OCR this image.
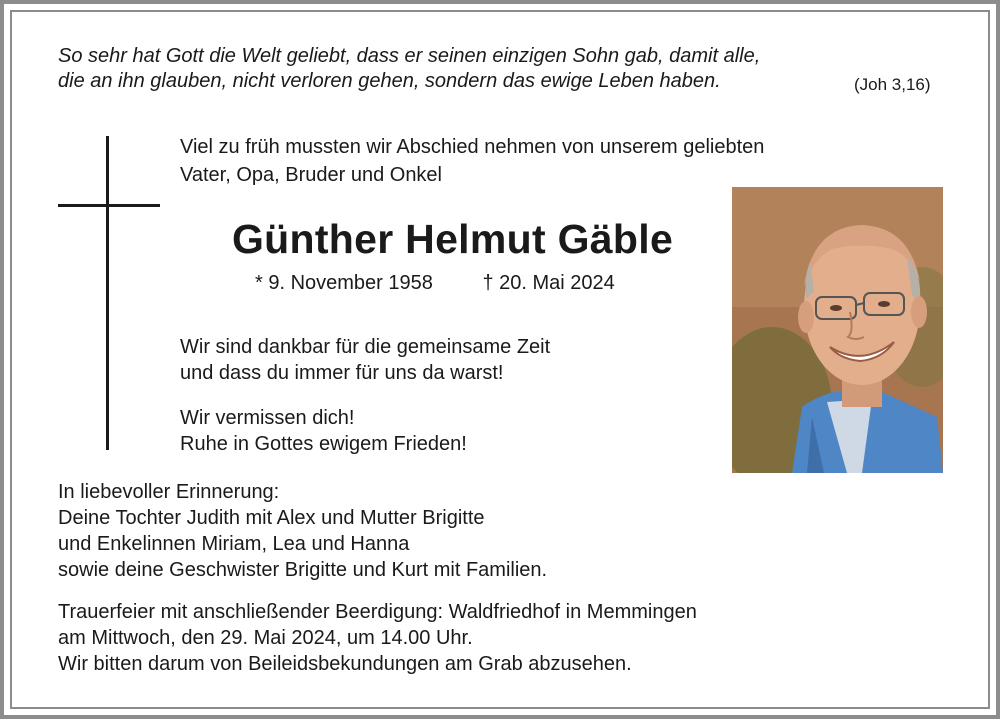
So sehr hat Gott die Welt geliebt, dass er seinen einzigen Sohn gab, damit alle,
die an ihn glauben, nicht verloren gehen, sondern das ewige Leben haben.	(Joh 3,16)
Viel zu früh mussten wir Abschied nehmen von unserem geliebten
Vater, Opa, Bruder und Onkel
Günther Helmut Gäble
* 9. November 1958 † 20. Mai 2024
Wir sind dankbar für die gemeinsame Zeit
und dass du immer für uns da warst!
Wir vermissen dich!
Ruhe in Gottes ewigem Frieden!
In liebevoller Erinnerung:
Deine Tochter Judith mit Alex und Mutter Brigitte
und Enkelinnen Miriam, Lea und Hanna
sowie deine Geschwister Brigitte und Kurt mit Familien.
Trauerfeier mit anschließender Beerdigung: Waldfriedhof in Memmingen
am Mittwoch, den 29. Mai 2024, um 14.00 Uhr.
Wir bitten darum von Beileidsbekundungen am Grab abzusehen.
